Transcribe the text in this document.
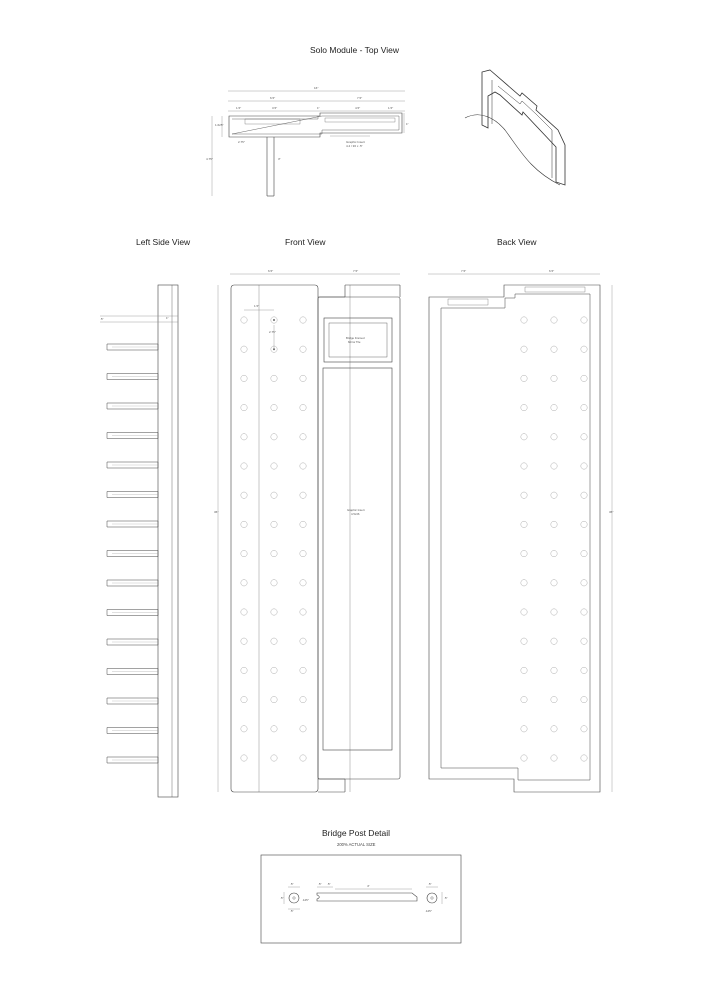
Solo Module - Top View
Left Side View	Front View	Back View
Bridge Post Detail
200% ACTUAL SIZE
16"
6.5"	7.5"
1.5"	3.5"	1"	4.5"	1.5"
1.625"	1"
2.75"
3"
4.75"
Graphic Insert 4.4 / 36 x .5"
1"
.5"
6.5"	7.5"
1.5"
2.75"
36"
Bridge Framed
Mirror Tile
Graphic Insert
4.5x36
7.5"	6.5"
36"
.5"
.5"
.5" .5"	4"	.5"
.5"
.5"	.125"
.125"
